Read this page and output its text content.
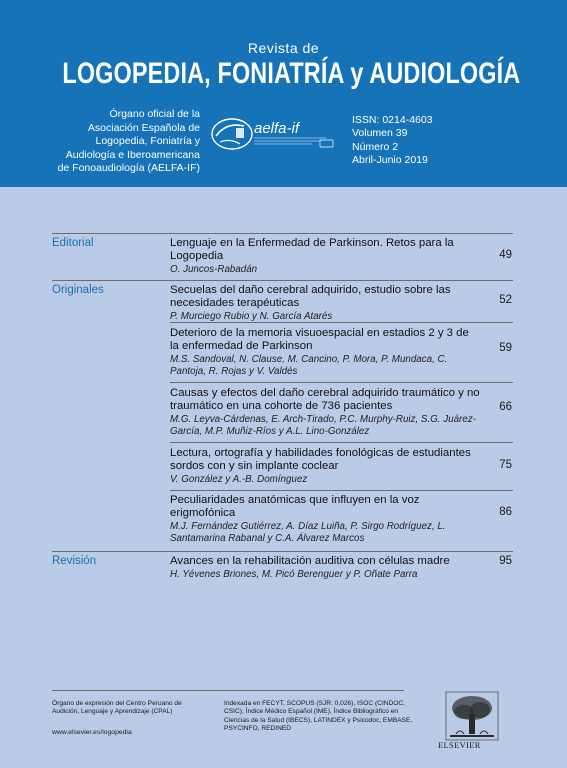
Revista de
LOGOPEDIA, FONIATRÍA y AUDIOLOGÍA
Órgano oficial de la
Asociación Española de
Logopedia, Foniatría y
Audiología e Iberoamericana
de Fonoaudiología (AELFA-IF)
aelfa-if	ISSN: 0214-4603
Volumen 39
Número 2
Abril-Junio 2019
Editorial	Lenguaje en la Enfermedad de Parkinson. Retos para la Logopedia
O. Juncos-Rabadán
49
Originales	Secuelas del daño cerebral adquirido, estudio sobre las necesidades terapéuticas
P. Murciego Rubio y N. García Atarés
52
Deterioro de la memoria visuoespacial en estadios 2 y 3 de la enfermedad de Parkinson
M.S. Sandoval, N. Clause, M. Cancino, P. Mora, P. Mundaca, C. Pantoja, R. Rojas y V. Valdés
59
Causas y efectos del daño cerebral adquirido traumático y no traumático en una cohorte de 736 pacientes
M.G. Leyva-Cárdenas, E. Arch-Tirado, P.C. Murphy-Ruiz, S.G. Juárez-García, M.P. Muñiz-Ríos y A.L. Lino-González
66
Lectura, ortografía y habilidades fonológicas de estudiantes sordos con y sin implante coclear
V. González y A.-B. Domínguez
75
Peculiaridades anatómicas que influyen en la voz erigmofónica
M.J. Fernández Gutiérrez, A. Díaz Luiña, P. Sirgo Rodríguez, L. Santamarina Rabanal y C.A. Álvarez Marcos
86
Revisión	Avances en la rehabilitación auditiva con células madre
H. Yévenes Briones, M. Picó Berenguer y P. Oñate Parra
95
Órgano de expresión del Centro Peruano de Audición, Lenguaje y Aprendizaje (CPAL)
www.elsevier.es/logopedia
Indexada en FECYT, SCOPUS (SJR: 0,026), ISOC (CINDOC, CSIC), Índice Médico Español (IME), Índice Bibliográfico en Ciencias de la Salud (IBECS), LATINDEX y Psicodoc, EMBASE, PSYCINFO, REDINED
ELSEVIER
